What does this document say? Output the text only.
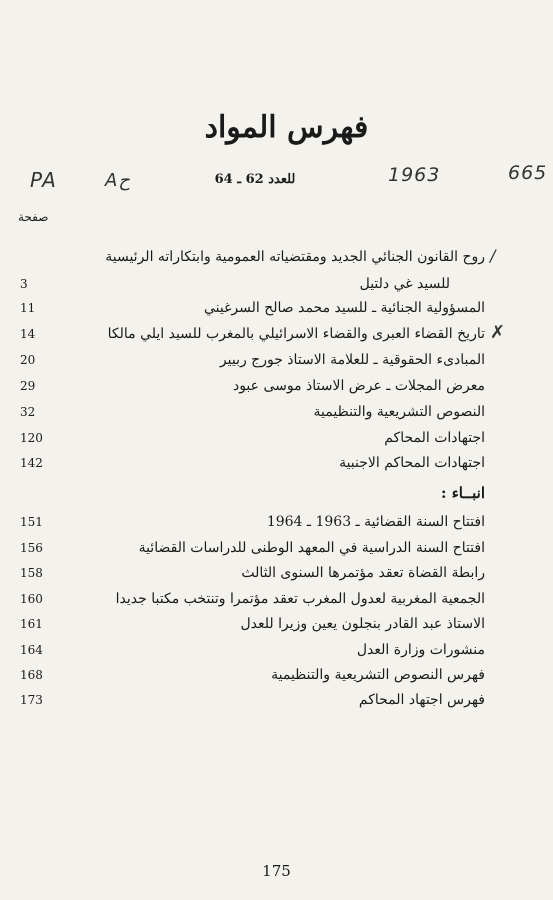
فهرس المواد
PA	Aح	للعدد 62 ـ 64	1963	665
صفحة
روح القانون الجنائي الجديد ومقتضياته العمومية وابتكاراته الرئيسية /
للسيد غي دلتيل
3
المسؤولية الجنائية ـ للسيد محمد صالح السرغيني
11
تاريخ القضاء العبرى والقضاء الاسرائيلي بالمغرب للسيد ايلي مالكا
14	✗
المبادىء الحقوقية ـ للعلامة الاستاذ جورج ربيير
20
معرض المجلات ـ عرض الاستاذ موسى عبود
29
النصوص التشريعية والتنظيمية
32
اجتهادات المحاكم
120
اجتهادات المحاكم الاجنبية
142
انبــاء :
افتتاح السنة القضائية ـ 1963 ـ 1964
151
افتتاح السنة الدراسية في المعهد الوطنى للدراسات القضائية
156
رابطة القضاة تعقد مؤتمرها السنوى الثالث
158
الجمعية المغربية لعدول المغرب تعقد مؤتمرا وتنتخب مكتبا جديدا
160
الاستاذ عبد القادر بنجلون يعين وزيرا للعدل
161
منشورات وزارة العدل
164
فهرس النصوص التشريعية والتنظيمية
168
فهرس اجتهاد المحاكم
173
175
